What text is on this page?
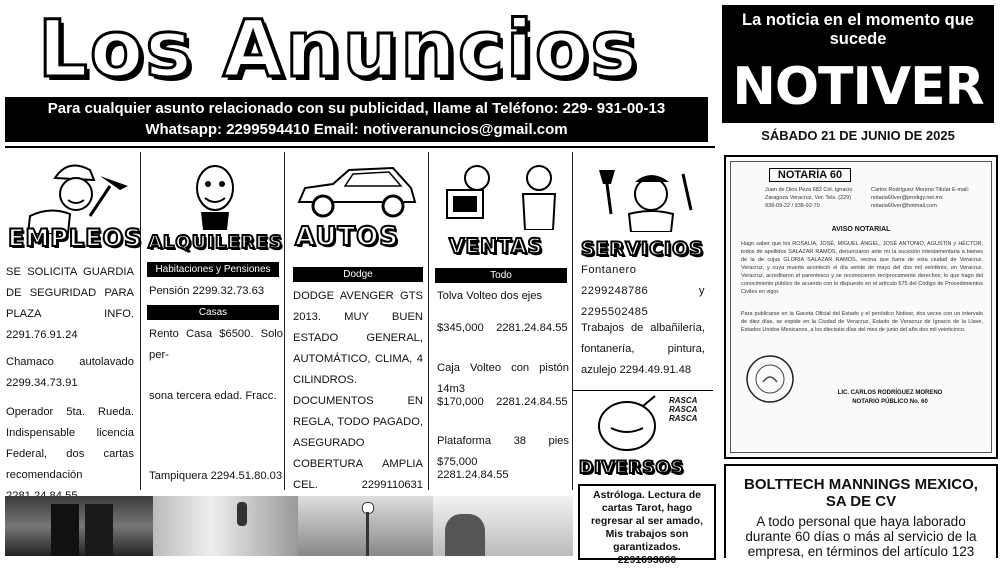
Los Anuncios
Para cualquier asunto relacionado con su publicidad, llame al Teléfono: 229- 931-00-13
Whatsapp: 2299594410 Email: notiveranuncios@gmail.com
La noticia en el momento que sucede
NOTIVER
SÁBADO 21 DE JUNIO DE 2025
EMPLEOS
SE SOLICITA GUARDIA DE SEGURIDAD PARA PLAZA INFO. 2291.76.91.24
Chamaco autolavado 2299.34.73.91
Operador 5ta. Rueda. Indispensable licencia Federal, dos cartas recomendación
ALQUILERES
Habitaciones y Pensiones
Pensión 2299.32.73.63
Casas
Rento Casa $6500. Solo per-
sona tercera edad. Fracc.
Tampiquera 2294.51.80.03
AUTOS
Dodge
DODGE AVENGER GTS 2013. MUY BUEN ESTADO GENERAL, AUTOMÁTICO, CLIMA, 4 CILINDROS. DOCUMENTOS EN REGLA, TODO PAGADO, ASEGURADO COBERTURA AMPLIA CEL. 2299110631
VENTAS
Todo
Tolva Volteo dos ejes
$345,000    2281.24.84.55
Caja Volteo con pistón 14m3
$170,000    2281.24.84.55
Plataforma 38 pies $75,000
2281.24.84.55
SERVICIOS
Fontanero 2299248786 y 2295502485
Trabajos de albañilería, fontanería, pintura, azulejo 2294.49.91.48
RASCA RASCA RASCA
DIVERSOS
Astróloga. Lectura de cartas Tarot, hago regresar al ser amado, Mis trabajos son garantizados. 2291693660
NOTARÍA 60
Juan de Dios Peza 682 Col. Ignacio Zaragoza Veracruz, Ver. Tels. (229) 938-09-22 / 938-92-70
Carlos Rodríguez Moreno Titular E-mail: notaria60ver@prodigy.net.mx notaria60ver@hotmail.com
AVISO NOTARIAL
Hago saber que los ROSALÍA, JOSÉ, MIGUEL ÁNGEL, JOSÉ ANTONIO, AGUSTÍN y HÉCTOR, todos de apellidos SALAZAR RAMOS, denunciaron ante mí la sucesión intestamentaria a bienes de la de cujus GLORIA SALAZAR RAMOS, vecina que fuera de esta ciudad de Veracruz, Veracruz, y cuya muerte aconteció el día veinte de mayo del dos mil veintitrés, en Veracruz, Veracruz, acreditaron el parentesco y se reconocieron recíprocamente derechos; lo que hago del conocimiento público de acuerdo con lo dispuesto en el artículo 675 del Código de Procedimientos Civiles en vigor.
Para publicarse en la Gaceta Oficial del Estado y el periódico Notiver, dos veces con un intervalo de diez días, se expide en la Ciudad de Veracruz, Estado de Veracruz de Ignacio de la Llave, Estados Unidos Mexicanos, a los dieciséis días del mes de junio del año dos mil veinticinco.
LIC. CARLOS RODRÍGUEZ MORENO
NOTARIO PÚBLICO No. 60
BOLTTECH MANNINGS MEXICO,
SA DE CV
A todo personal que haya laborado
durante 60 días o más al servicio de la
empresa, en términos del artículo 123
